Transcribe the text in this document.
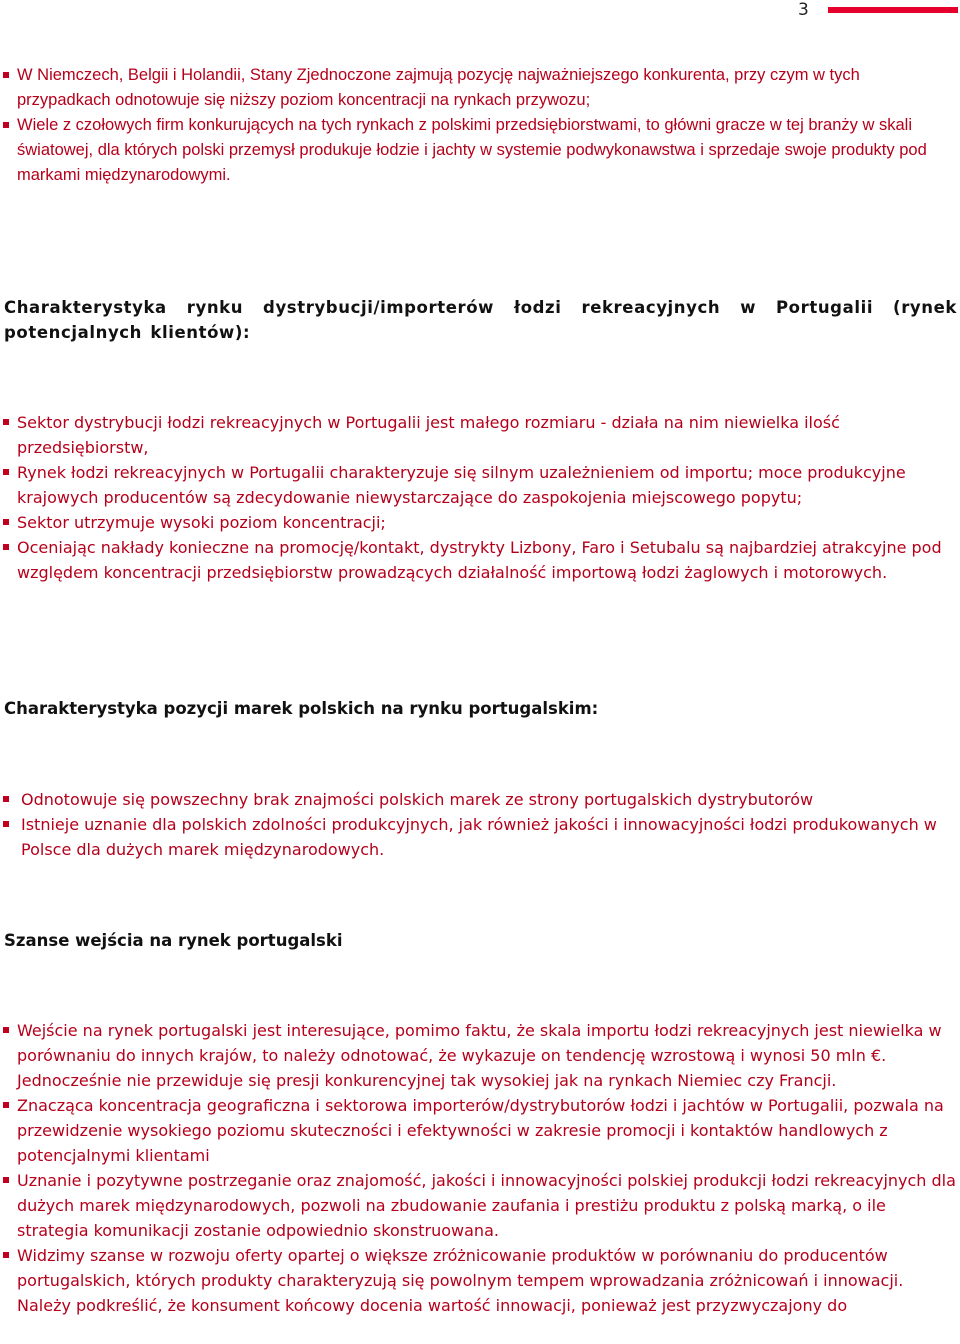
3
W Niemczech, Belgii i Holandii, Stany Zjednoczone zajmują pozycję najważniejszego konkurenta, przy czym w tych przypadkach odnotowuje się niższy poziom koncentracji na rynkach przywozu;
Wiele z czołowych firm konkurujących na tych rynkach z polskimi przedsiębiorstwami, to główni gracze w tej branży w skali światowej, dla których polski przemysł produkuje łodzie i jachty w systemie podwykonawstwa i sprzedaje swoje produkty pod markami międzynarodowymi.
Charakterystyka rynku dystrybucji/importerów łodzi rekreacyjnych w Portugalii (rynek potencjalnych klientów):
Sektor dystrybucji łodzi rekreacyjnych w Portugalii jest małego rozmiaru - działa na nim niewielka ilość przedsiębiorstw,
Rynek łodzi rekreacyjnych w Portugalii charakteryzuje się silnym uzależnieniem od importu; moce produkcyjne krajowych producentów są zdecydowanie niewystarczające do zaspokojenia miejscowego popytu;
Sektor utrzymuje wysoki poziom koncentracji;
Oceniając nakłady konieczne na promocję/kontakt, dystrykty Lizbony, Faro i Setubalu są najbardziej atrakcyjne pod względem koncentracji przedsiębiorstw prowadzących działalność importową łodzi żaglowych i motorowych.
Charakterystyka pozycji marek polskich na rynku portugalskim:
Odnotowuje się powszechny brak znajmości polskich marek ze strony portugalskich dystrybutorów
Istnieje uznanie dla polskich zdolności produkcyjnych, jak również jakości i innowacyjności łodzi produkowanych w Polsce dla dużych marek międzynarodowych.
Szanse wejścia na rynek portugalski
Wejście na rynek portugalski jest interesujące, pomimo faktu, że skala importu łodzi rekreacyjnych jest niewielka w porównaniu do innych krajów, to należy odnotować, że wykazuje on tendencję wzrostową i wynosi 50 mln €. Jednocześnie nie przewiduje się presji konkurencyjnej tak wysokiej jak na rynkach Niemiec czy Francji.
Znacząca koncentracja geograficzna i sektorowa importerów/dystrybutorów łodzi i jachtów w Portugalii, pozwala na przewidzenie wysokiego poziomu skuteczności i efektywności w zakresie promocji i kontaktów handlowych z potencjalnymi klientami
Uznanie i pozytywne postrzeganie oraz znajomość, jakości i innowacyjności polskiej produkcji łodzi rekreacyjnych dla dużych marek międzynarodowych, pozwoli na zbudowanie zaufania i prestiżu produktu z polską marką, o ile strategia komunikacji zostanie odpowiednio skonstruowana.
Widzimy szanse w rozwoju oferty opartej o większe zróżnicowanie produktów w porównaniu do producentów portugalskich, których produkty charakteryzują się powolnym tempem wprowadzania zróżnicowań i innowacji. Należy podkreślić, że konsument końcowy docenia wartość innowacji, ponieważ jest przyzwyczajony do
